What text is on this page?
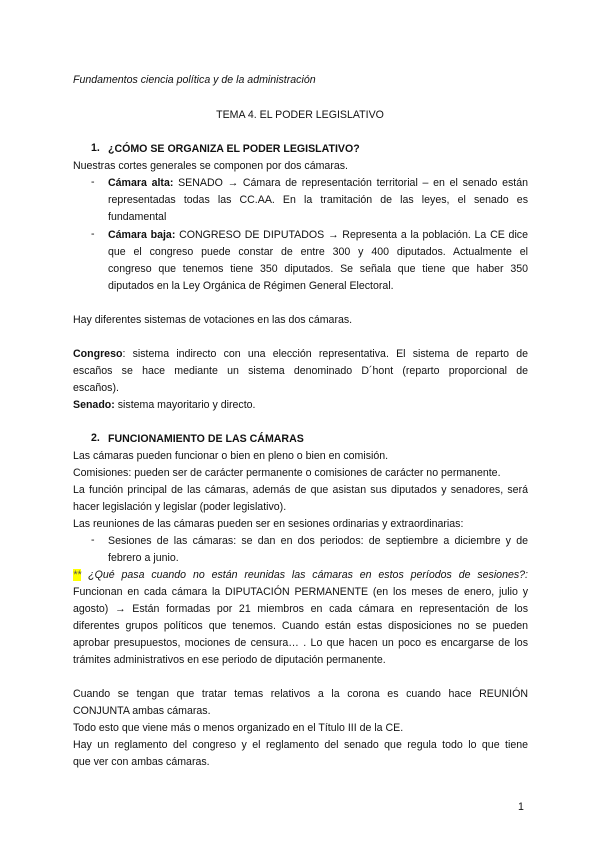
Fundamentos ciencia política y de la administración
TEMA 4. EL PODER LEGISLATIVO
1. ¿CÓMO SE ORGANIZA EL PODER LEGISLATIVO?
Nuestras cortes generales se componen por dos cámaras.
- Cámara alta: SENADO → Cámara de representación territorial – en el senado están
representadas todas las CC.AA. En la tramitación de las leyes, el senado es
fundamental
- Cámara baja: CONGRESO DE DIPUTADOS → Representa a la población. La CE dice
que el congreso puede constar de entre 300 y 400 diputados. Actualmente el
congreso que tenemos tiene 350 diputados. Se señala que tiene que haber 350
diputados en la Ley Orgánica de Régimen General Electoral.
Hay diferentes sistemas de votaciones en las dos cámaras.
Congreso: sistema indirecto con una elección representativa. El sistema de reparto de
escaños se hace mediante un sistema denominado D´hont (reparto proporcional de
escaños).
Senado: sistema mayoritario y directo.
2. FUNCIONAMIENTO DE LAS CÁMARAS
Las cámaras pueden funcionar o bien en pleno o bien en comisión.
Comisiones: pueden ser de carácter permanente o comisiones de carácter no permanente.
La función principal de las cámaras, además de que asistan sus diputados y senadores, será
hacer legislación y legislar (poder legislativo).
Las reuniones de las cámaras pueden ser en sesiones ordinarias y extraordinarias:
- Sesiones de las cámaras: se dan en dos periodos: de septiembre a diciembre y de
febrero a junio.
** ¿Qué pasa cuando no están reunidas las cámaras en estos períodos de sesiones?:
Funcionan en cada cámara la DIPUTACIÓN PERMANENTE (en los meses de enero, julio y
agosto) → Están formadas por 21 miembros en cada cámara en representación de los
diferentes grupos políticos que tenemos. Cuando están estas disposiciones no se pueden
aprobar presupuestos, mociones de censura… . Lo que hacen un poco es encargarse de los
trámites administrativos en ese periodo de diputación permanente.
Cuando se tengan que tratar temas relativos a la corona es cuando hace REUNIÓN
CONJUNTA ambas cámaras.
Todo esto que viene más o menos organizado en el Título III de la CE.
Hay un reglamento del congreso y el reglamento del senado que regula todo lo que tiene
que ver con ambas cámaras.
1
